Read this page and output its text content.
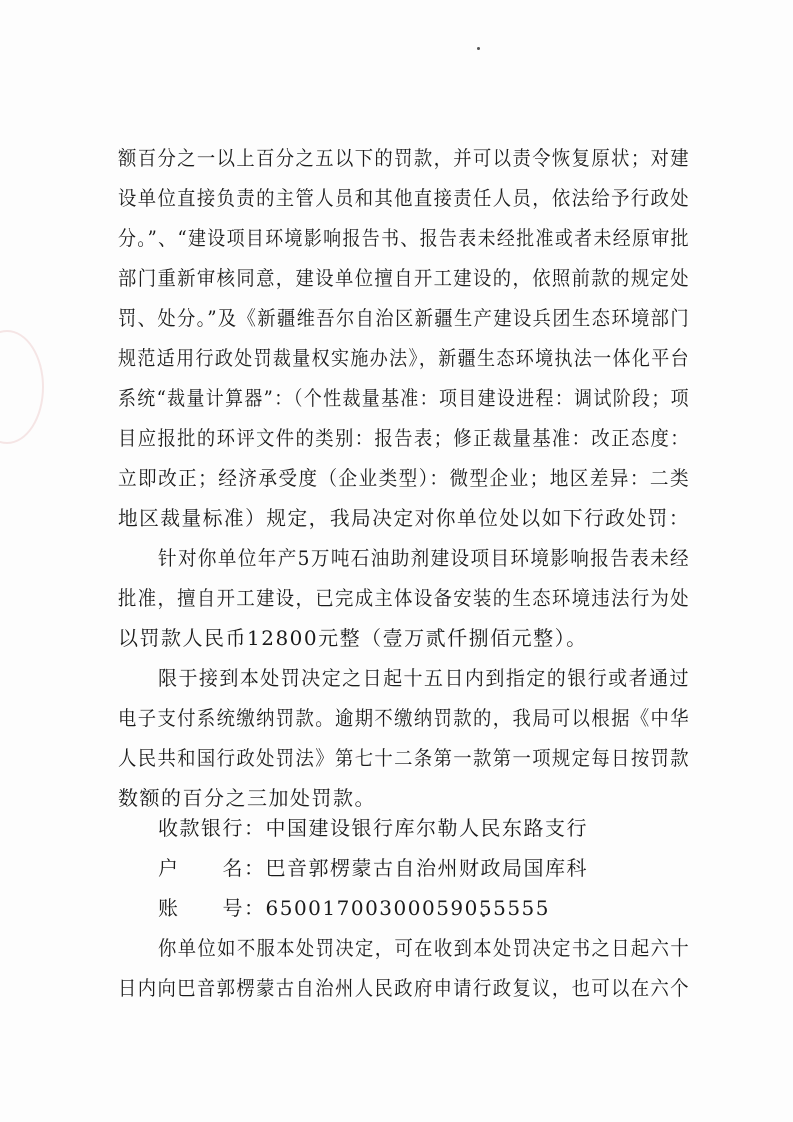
额百分之一以上百分之五以下的罚款，并可以责令恢复原状；对建
设单位直接负责的主管人员和其他直接责任人员，依法给予行政处
分。”、“建设项目环境影响报告书、报告表未经批准或者未经原审批
部门重新审核同意，建设单位擅自开工建设的，依照前款的规定处
罚、处分。”及《新疆维吾尔自治区新疆生产建设兵团生态环境部门
规范适用行政处罚裁量权实施办法》，新疆生态环境执法一体化平台
系统“裁量计算器”：（个性裁量基准：项目建设进程：调试阶段；项
目应报批的环评文件的类别：报告表；修正裁量基准：改正态度：
立即改正；经济承受度（企业类型）：微型企业；地区差异：二类
地区裁量标准）规定，我局决定对你单位处以如下行政处罚：
针对你单位年产5万吨石油助剂建设项目环境影响报告表未经
批准，擅自开工建设，已完成主体设备安装的生态环境违法行为处
以罚款人民币12800元整（壹万贰仟捌佰元整）。
限于接到本处罚决定之日起十五日内到指定的银行或者通过
电子支付系统缴纳罚款。逾期不缴纳罚款的，我局可以根据《中华
人民共和国行政处罚法》第七十二条第一款第一项规定每日按罚款
数额的百分之三加处罚款。
收款银行：中国建设银行库尔勒人民东路支行
户　　名：巴音郭楞蒙古自治州财政局国库科
账　　号：65001700300059055555
你单位如不服本处罚决定，可在收到本处罚决定书之日起六十
日内向巴音郭楞蒙古自治州人民政府申请行政复议，也可以在六个
